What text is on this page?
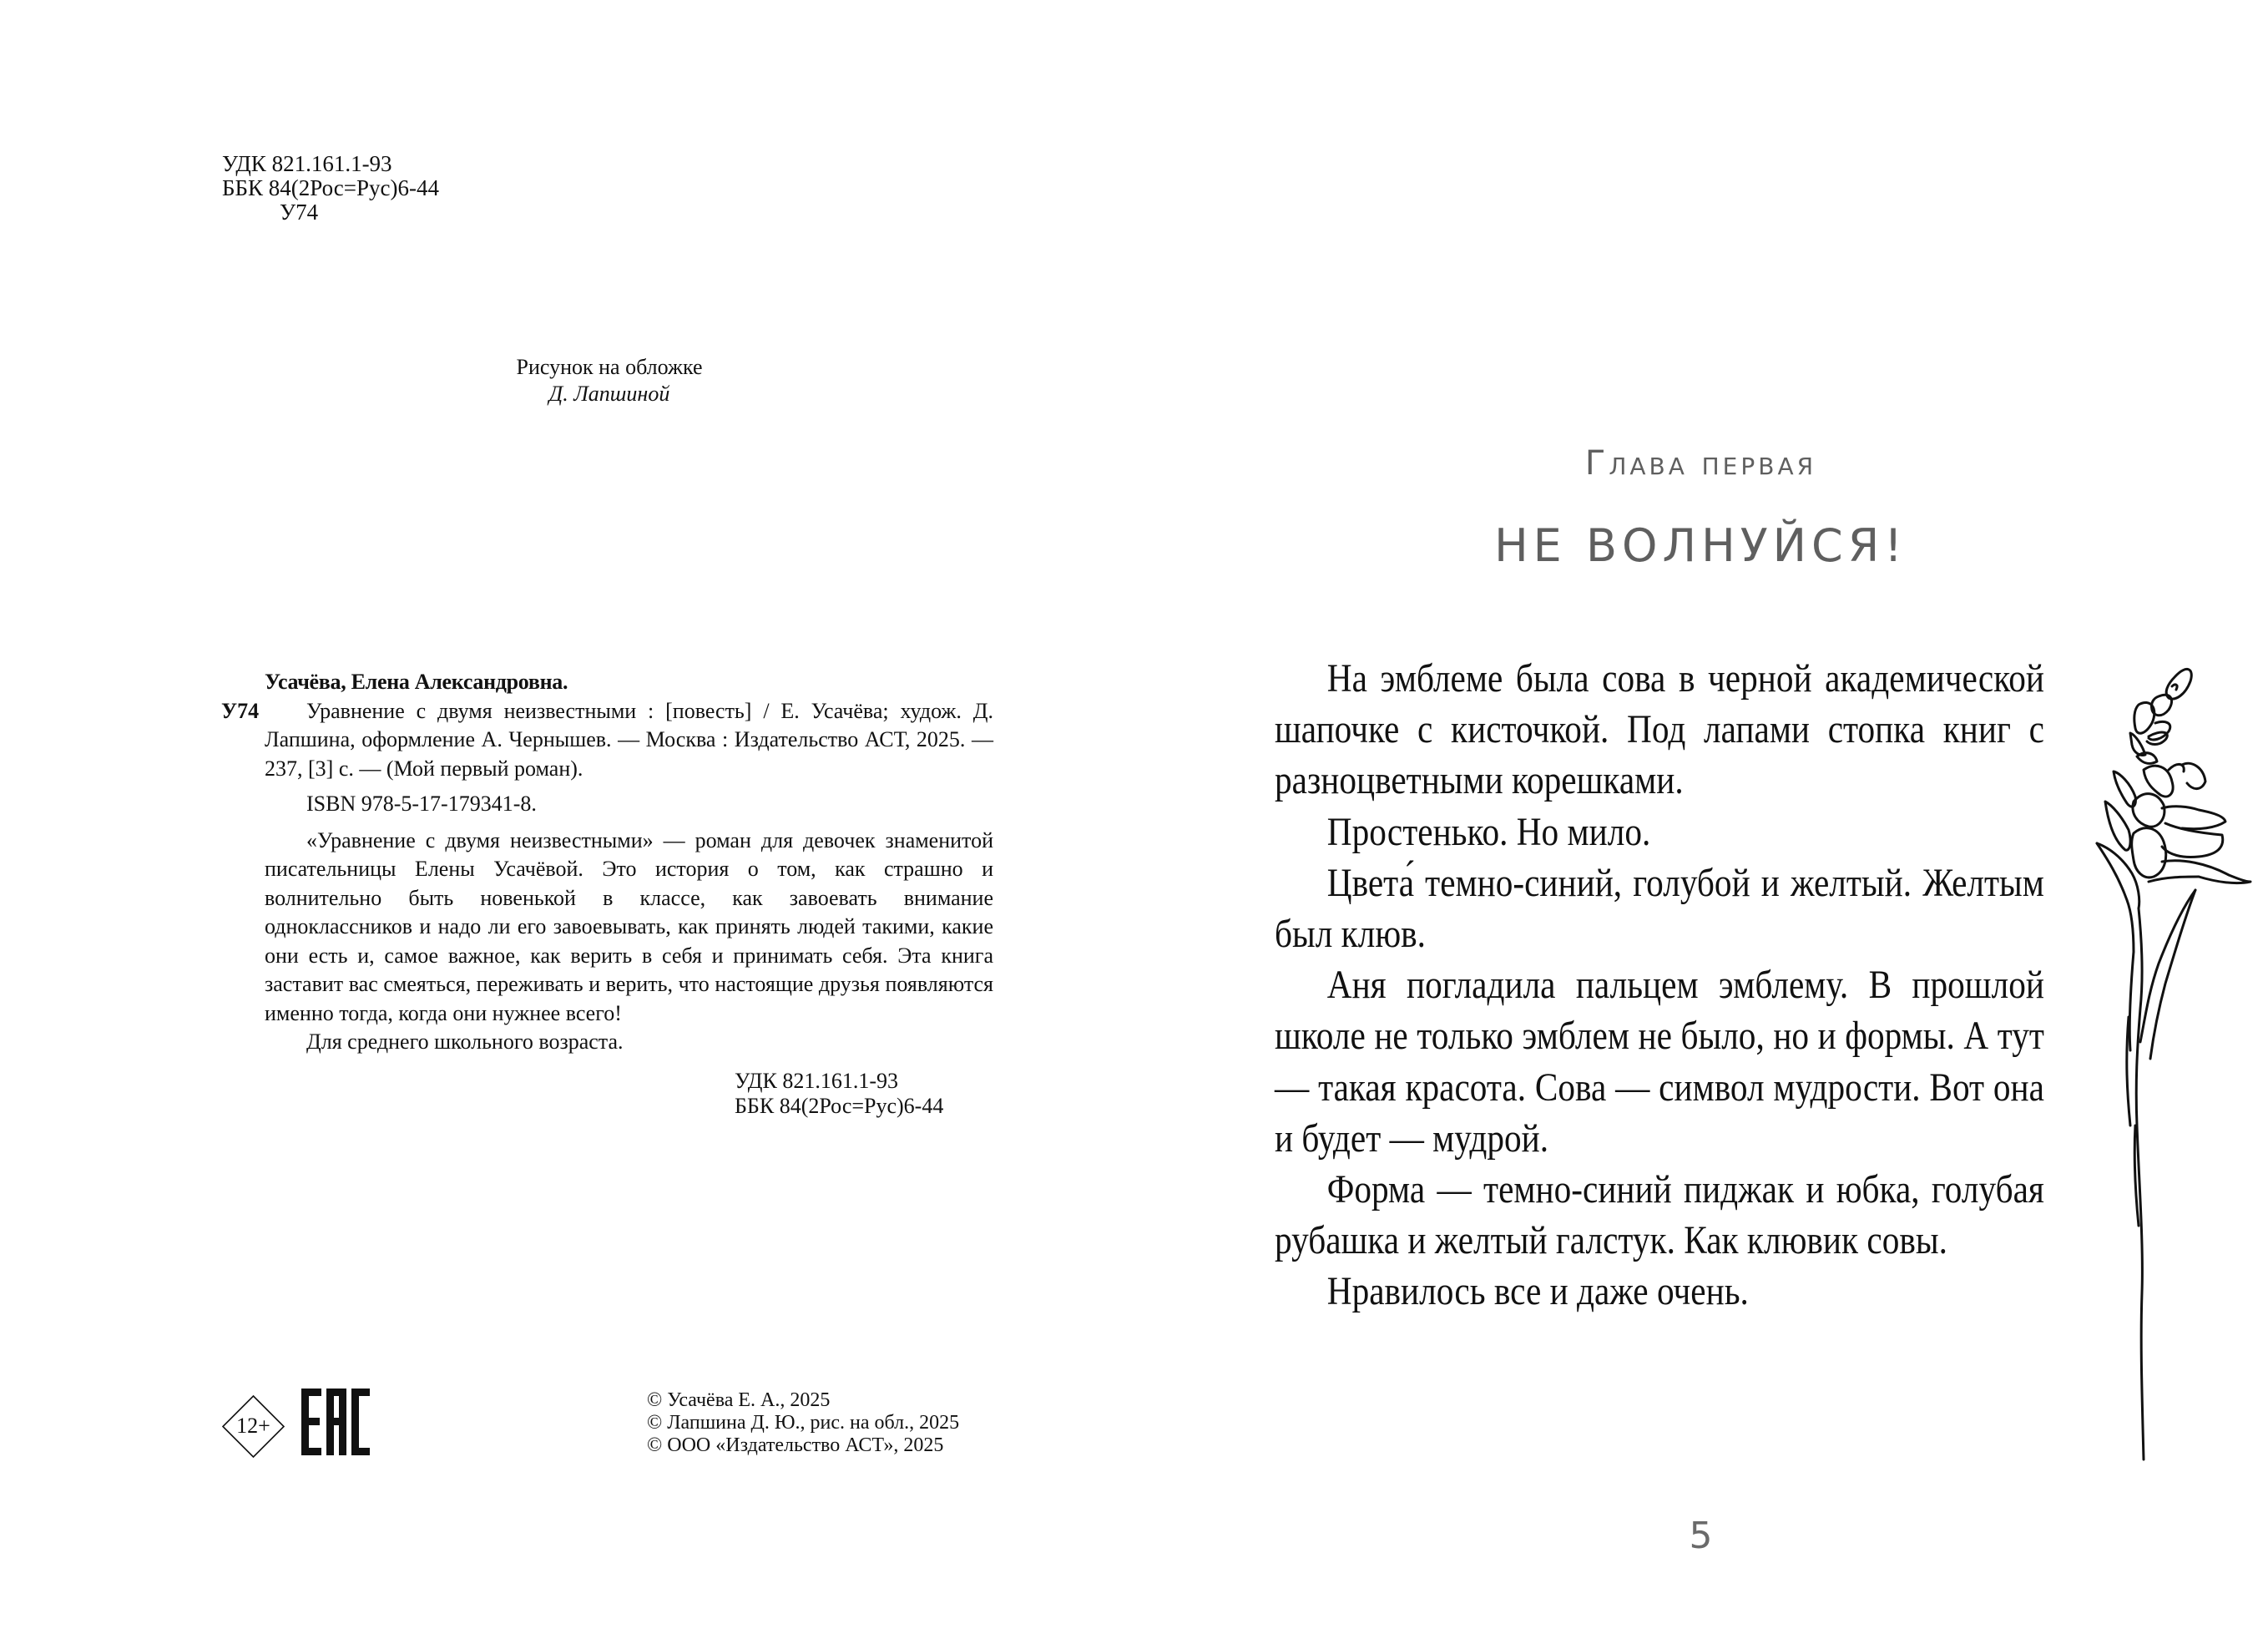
УДК 821.161.1-93
ББК 84(2Рос=Рус)6-44
У74
Рисунок на обложке
Д. Лапшиной
Усачёва, Елена Александровна.
У74 Уравнение с двумя неизвестными : [повесть] / Е. Усачёва; худож. Д. Лапшина, оформление А. Чернышев. — Москва : Издательство АСТ, 2025. — 237, [3] с. — (Мой первый роман).
ISBN 978-5-17-179341-8.
«Уравнение с двумя неизвестными» — роман для девочек знаменитой писательницы Елены Усачёвой. Это история о том, как страшно и волнительно быть новенькой в классе, как завоевать внимание одноклассников и надо ли его завоевывать, как принять людей такими, какие они есть и, самое важное, как верить в себя и принимать себя. Эта книга заставит вас смеяться, переживать и верить, что настоящие друзья появляются именно тогда, когда они нужнее всего!
Для среднего школьного возраста.
УДК 821.161.1-93
ББК 84(2Рос=Рус)6-44
12+
© Усачёва Е. А., 2025
© Лапшина Д. Ю., рис. на обл., 2025
© ООО «Издательство АСТ», 2025
Глава первая
НЕ ВОЛНУЙСЯ!

На эмблеме была сова в черной академической шапочке с кисточкой. Под лапами стопка книг с разноцветными корешками.

Простенько. Но мило.

Цвета́ темно-синий, голубой и желтый. Желтым был клюв.

Аня погладила пальцем эмблему. В прошлой школе не только эмблем не было, но и формы. А тут — такая красота. Сова — символ мудрости. Вот она и будет — мудрой.

Форма — темно-синий пиджак и юбка, голубая рубашка и желтый галстук. Как клювик совы.

Нравилось все и даже очень.

5
